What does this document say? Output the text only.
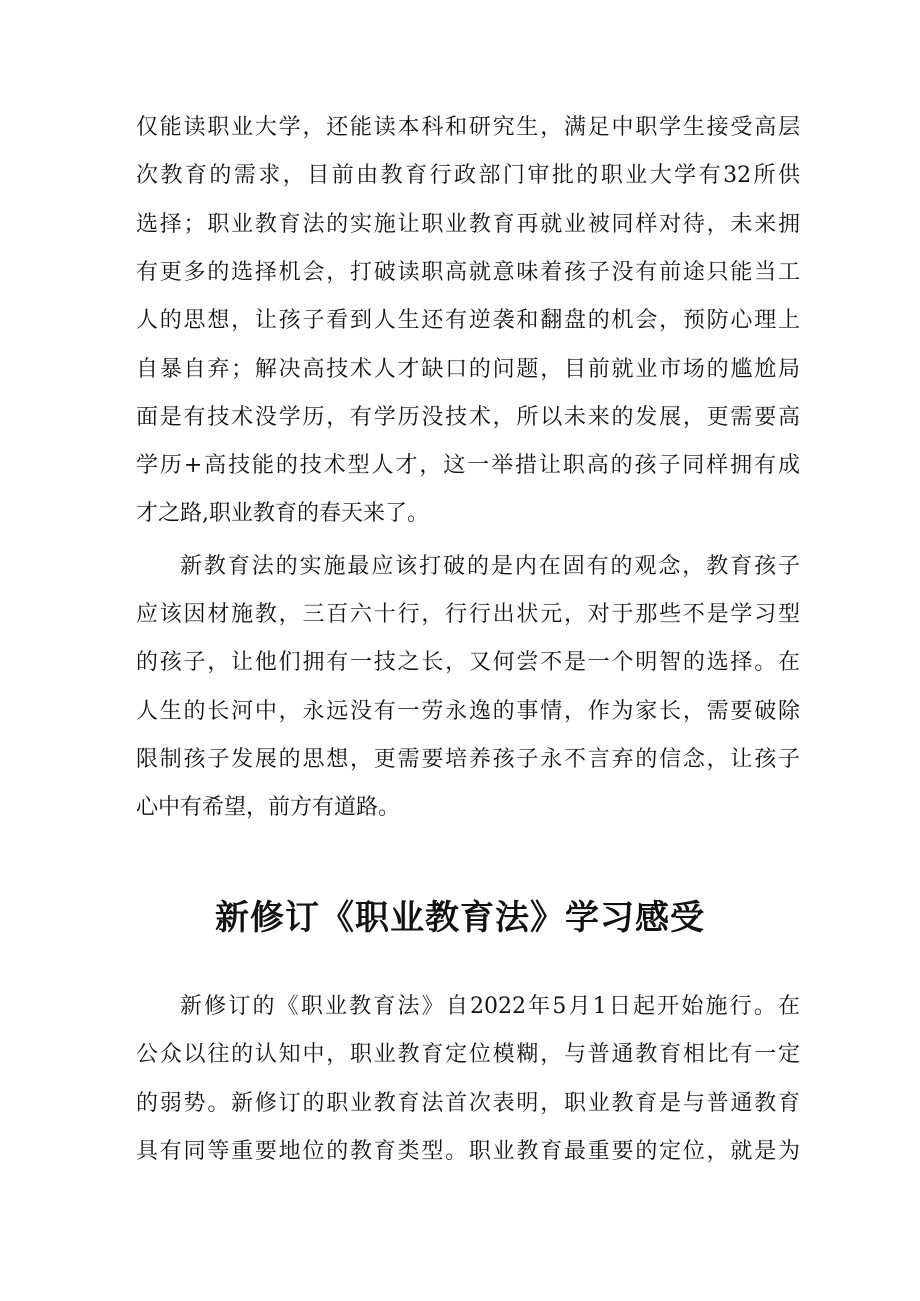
仅能读职业大学，还能读本科和研究生，满足中职学生接受高层
次教育的需求，目前由教育行政部门审批的职业大学有32所供
选择；职业教育法的实施让职业教育再就业被同样对待，未来拥
有更多的选择机会，打破读职高就意味着孩子没有前途只能当工
人的思想，让孩子看到人生还有逆袭和翻盘的机会，预防心理上
自暴自弃；解决高技术人才缺口的问题，目前就业市场的尴尬局
面是有技术没学历，有学历没技术，所以未来的发展，更需要高
学历+高技能的技术型人才，这一举措让职高的孩子同样拥有成
才之路,职业教育的春天来了。
新教育法的实施最应该打破的是内在固有的观念，教育孩子
应该因材施教，三百六十行，行行出状元，对于那些不是学习型
的孩子，让他们拥有一技之长，又何尝不是一个明智的选择。在
人生的长河中，永远没有一劳永逸的事情，作为家长，需要破除
限制孩子发展的思想，更需要培养孩子永不言弃的信念，让孩子
心中有希望，前方有道路。
新修订的《职业教育法》自2022年5月1日起开始施行。在
公众以往的认知中，职业教育定位模糊，与普通教育相比有一定
的弱势。新修订的职业教育法首次表明，职业教育是与普通教育
具有同等重要地位的教育类型。职业教育最重要的定位，就是为
新修订《职业教育法》学习感受
